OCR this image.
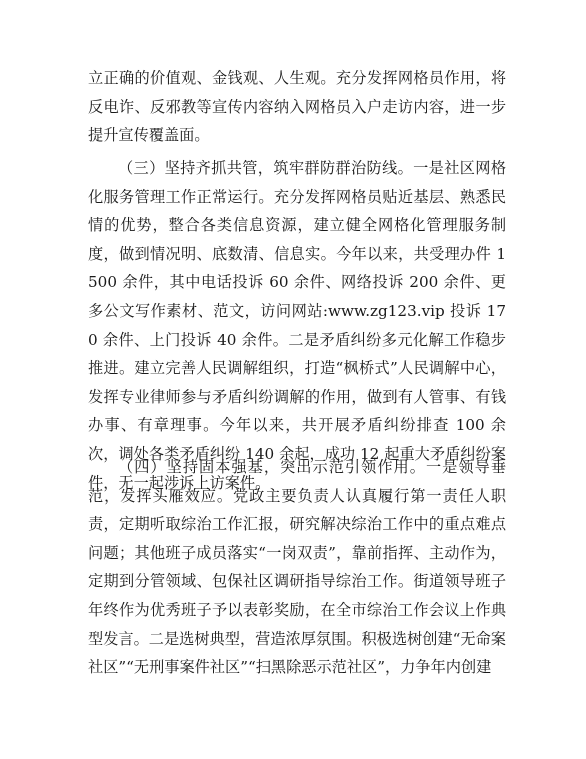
立正确的价值观、金钱观、人生观。充分发挥网格员作用，将反电诈、反邪教等宣传内容纳入网格员入户走访内容，进一步提升宣传覆盖面。

（三）坚持齐抓共管，筑牢群防群治防线。一是社区网格化服务管理工作正常运行。充分发挥网格员贴近基层、熟悉民情的优势，整合各类信息资源，建立健全网格化管理服务制度，做到情况明、底数清、信息实。今年以来，共受理办件 1500 余件，其中电话投诉 60 余件、网络投诉 200 余件、更多公文写作素材、范文，访问网站:www.zg123.vip 投诉 170 余件、上门投诉 40 余件。二是矛盾纠纷多元化解工作稳步推进。建立完善人民调解组织，打造“枫桥式”人民调解中心，发挥专业律师参与矛盾纠纷调解的作用，做到有人管事、有钱办事、有章理事。今年以来，共开展矛盾纠纷排查 100 余次，调处各类矛盾纠纷 140 余起，成功 12 起重大矛盾纠纷案件，无一起涉诉上访案件。

（四）坚持固本强基，突出示范引领作用。一是领导垂范，发挥头雁效应。党政主要负责人认真履行第一责任人职责，定期听取综治工作汇报，研究解决综治工作中的重点难点问题；其他班子成员落实“一岗双责”，靠前指挥、主动作为，定期到分管领域、包保社区调研指导综治工作。街道领导班子年终作为优秀班子予以表彰奖励，在全市综治工作会议上作典型发言。二是选树典型，营造浓厚氛围。积极选树创建“无命案社区”“无刑事案件社区”“扫黑除恶示范社区”，力争年内创建
